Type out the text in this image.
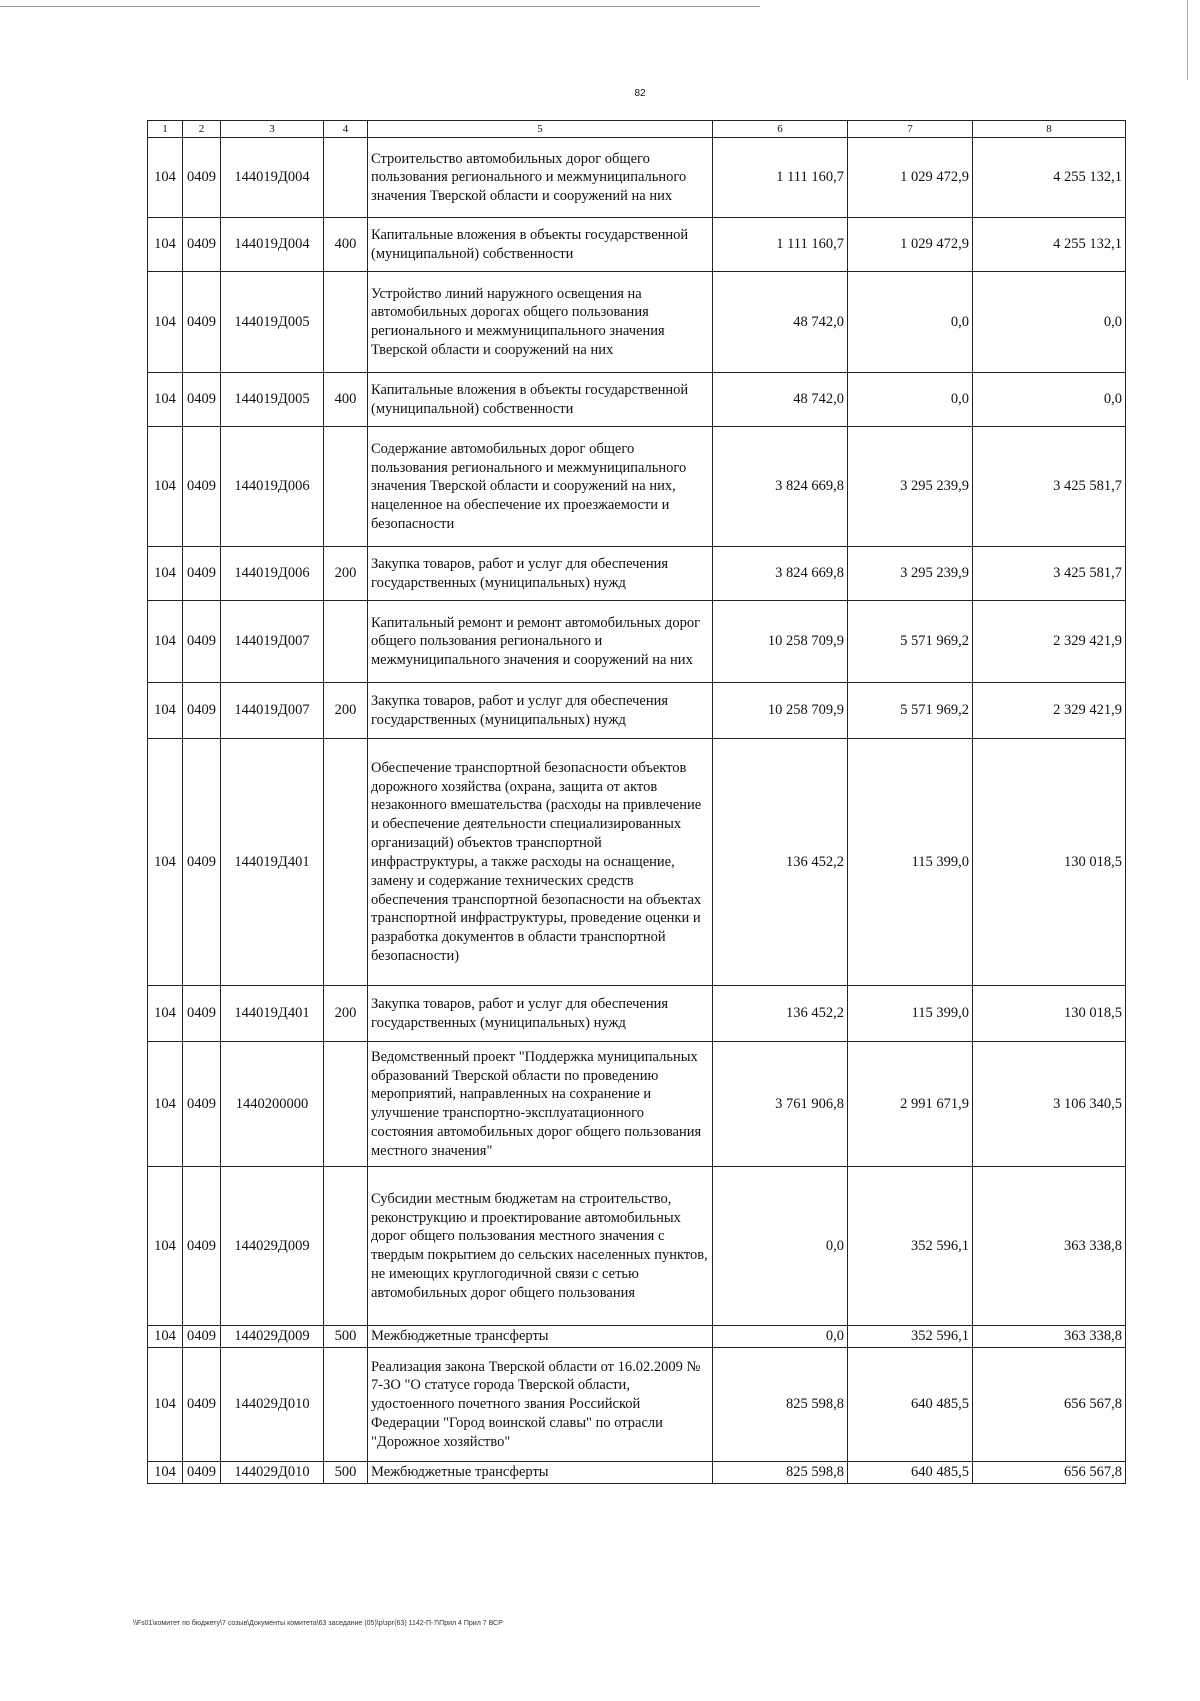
82
1	2	3	4	5	6	7	8
104	0409	144019Д004		Строительство автомобильных дорог общего пользования регионального и межмуниципального значения Тверской области и сооружений на них	1 111 160,7	1 029 472,9	4 255 132,1
104	0409	144019Д004	400	Капитальные вложения в объекты государственной (муниципальной) собственности	1 111 160,7	1 029 472,9	4 255 132,1
104	0409	144019Д005		Устройство линий наружного освещения на автомобильных дорогах общего пользования регионального и межмуниципального значения Тверской области и сооружений на них	48 742,0	0,0	0,0
104	0409	144019Д005	400	Капитальные вложения в объекты государственной (муниципальной) собственности	48 742,0	0,0	0,0
104	0409	144019Д006		Содержание автомобильных дорог общего пользования регионального и межмуниципального значения Тверской области и сооружений на них, нацеленное на обеспечение их проезжаемости и безопасности	3 824 669,8	3 295 239,9	3 425 581,7
104	0409	144019Д006	200	Закупка товаров, работ и услуг для обеспечения государственных (муниципальных) нужд	3 824 669,8	3 295 239,9	3 425 581,7
104	0409	144019Д007		Капитальный ремонт и ремонт автомобильных дорог общего пользования регионального и межмуниципального значения и сооружений на них	10 258 709,9	5 571 969,2	2 329 421,9
104	0409	144019Д007	200	Закупка товаров, работ и услуг для обеспечения государственных (муниципальных) нужд	10 258 709,9	5 571 969,2	2 329 421,9
104	0409	144019Д401		Обеспечение транспортной безопасности объектов дорожного хозяйства (охрана, защита от актов незаконного вмешательства (расходы на привлечение и обеспечение деятельности специализированных организаций) объектов транспортной инфраструктуры, а также расходы на оснащение, замену и содержание технических средств обеспечения транспортной безопасности на объектах транспортной инфраструктуры, проведение оценки и разработка документов в области транспортной безопасности)	136 452,2	115 399,0	130 018,5
104	0409	144019Д401	200	Закупка товаров, работ и услуг для обеспечения государственных (муниципальных) нужд	136 452,2	115 399,0	130 018,5
104	0409	1440200000		Ведомственный проект "Поддержка муниципальных образований Тверской области по проведению мероприятий, направленных на сохранение и улучшение транспортно-эксплуатационного состояния автомобильных дорог общего пользования местного значения"	3 761 906,8	2 991 671,9	3 106 340,5
104	0409	144029Д009		Субсидии местным бюджетам на строительство, реконструкцию и проектирование автомобильных дорог общего пользования местного значения с твердым покрытием до сельских населенных пунктов, не имеющих круглогодичной связи с сетью автомобильных дорог общего пользования	0,0	352 596,1	363 338,8
104	0409	144029Д009	500	Межбюджетные трансферты	0,0	352 596,1	363 338,8
104	0409	144029Д010		Реализация закона Тверской области от 16.02.2009 № 7-ЗО "О статусе города Тверской области, удостоенного почетного звания Российской Федерации "Город воинской славы" по отрасли "Дорожное хозяйство"	825 598,8	640 485,5	656 567,8
104	0409	144029Д010	500	Межбюджетные трансферты	825 598,8	640 485,5	656 567,8
\\Fs01\комитет по бюджету\7 созыв\Документы комитета\63 заседание (05)\р\зрг(63) 1142-П-7\Прил 4 Прил 7 ВСР
